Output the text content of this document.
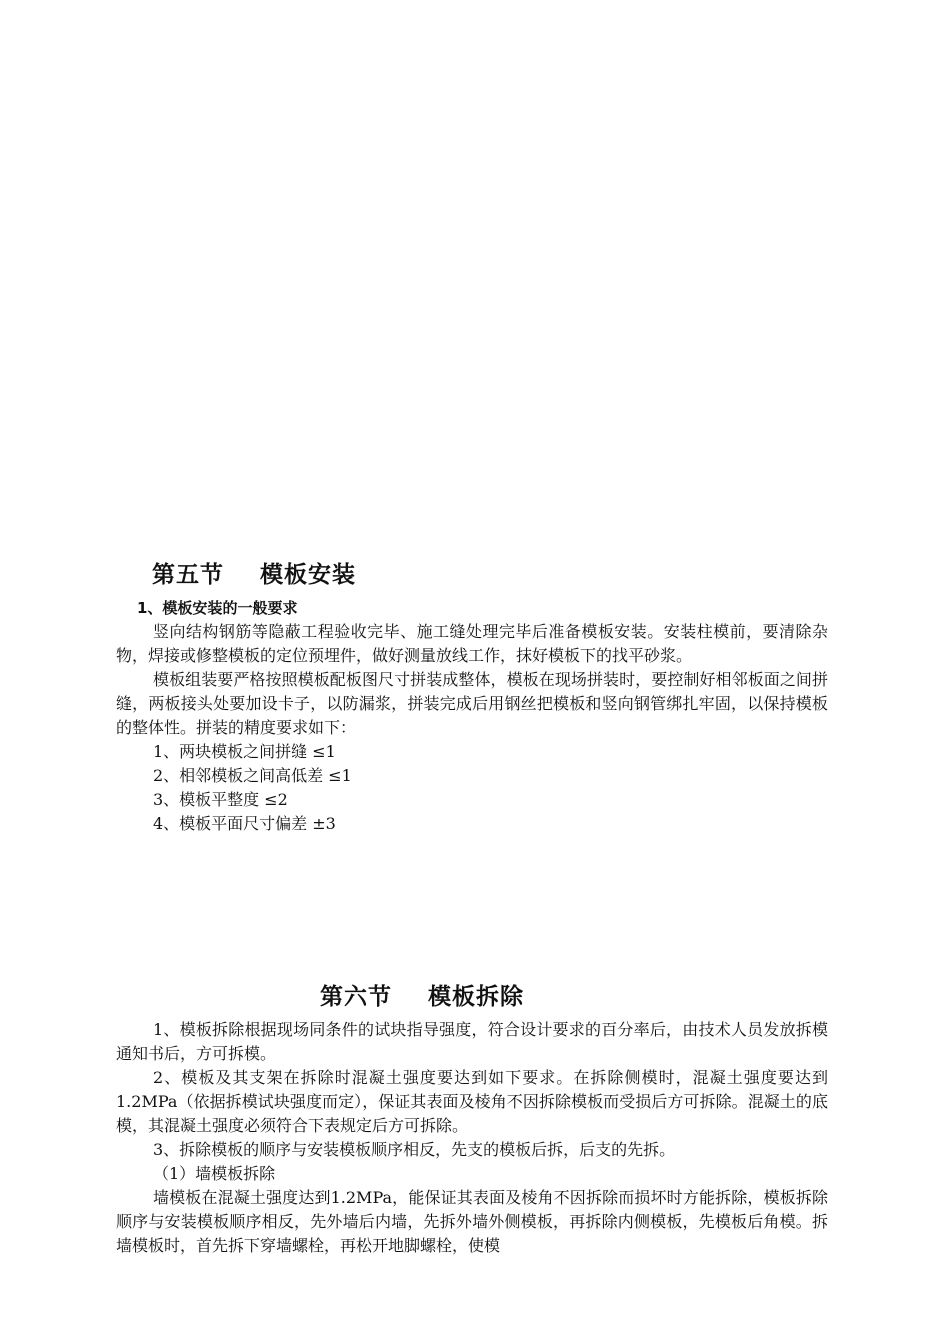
第五节    模板安装
1、模板安装的一般要求

竖向结构钢筋等隐蔽工程验收完毕、施工缝处理完毕后准备模板安装。安装柱模前，要清除杂物，焊接或修整模板的定位预埋件，做好测量放线工作，抹好模板下的找平砂浆。

模板组装要严格按照模板配板图尺寸拼装成整体，模板在现场拼装时，要控制好相邻板面之间拼缝，两板接头处要加设卡子，以防漏浆，拼装完成后用钢丝把模板和竖向钢管绑扎牢固，以保持模板的整体性。拼装的精度要求如下：

1、两块模板之间拼缝 ≤1

2、相邻模板之间高低差 ≤1

3、模板平整度 ≤2

4、模板平面尺寸偏差 ±3

第六节    模板拆除

1、模板拆除根据现场同条件的试块指导强度，符合设计要求的百分率后，由技术人员发放拆模通知书后，方可拆模。

2、模板及其支架在拆除时混凝土强度要达到如下要求。在拆除侧模时，混凝土强度要达到1.2MPa（依据拆模试块强度而定），保证其表面及棱角不因拆除模板而受损后方可拆除。混凝土的底模，其混凝土强度必须符合下表规定后方可拆除。

3、拆除模板的顺序与安装模板顺序相反，先支的模板后拆，后支的先拆。

（1）墙模板拆除

墙模板在混凝土强度达到1.2MPa，能保证其表面及棱角不因拆除而损坏时方能拆除，模板拆除顺序与安装模板顺序相反，先外墙后内墙，先拆外墙外侧模板，再拆除内侧模板，先模板后角模。拆墙模板时，首先拆下穿墙螺栓，再松开地脚螺栓，使模
